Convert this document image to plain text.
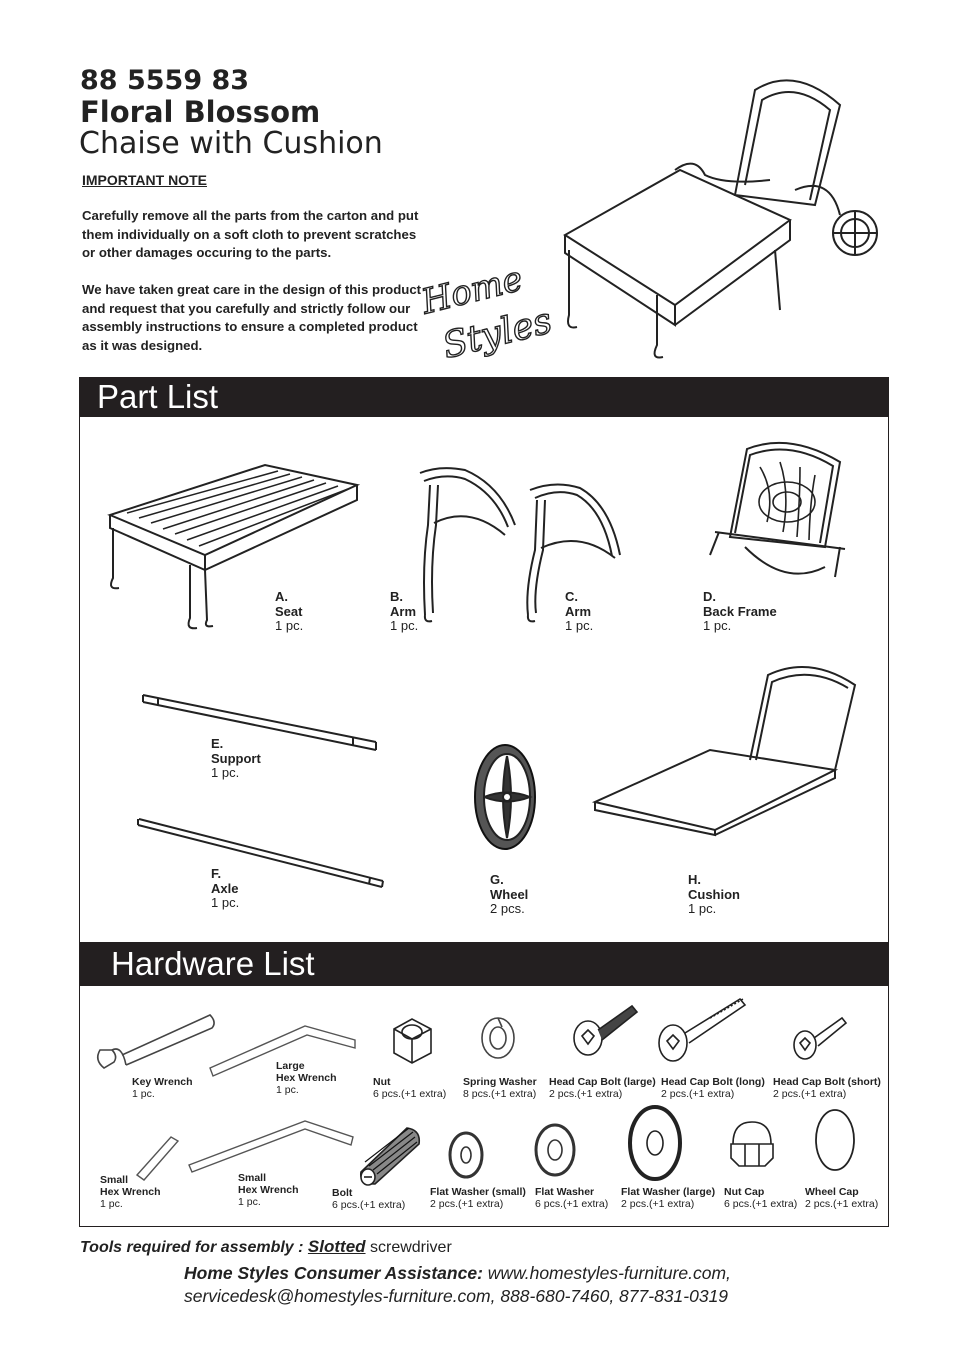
88 5559 83
Floral Blossom
Chaise with Cushion
IMPORTANT NOTE
Carefully remove all the parts from the carton and put them individually on a soft cloth to prevent scratches or other damages occuring to the parts.
We have taken great care in the design of this product and request that you carefully and strictly follow our assembly instructions to ensure a completed product as it was designed.
Home
Styles
Part List
A.
Seat
1 pc.
B.
Arm
1 pc.
C.
Arm
1 pc.
D.
Back Frame
1 pc.
E.
Support
1 pc.
F.
Axle
1 pc.
G.
Wheel
2 pcs.
H.
Cushion
1 pc.
Hardware List
Key Wrench
1 pc.
Large
Hex Wrench
1 pc.
Nut
6 pcs.(+1 extra)
Spring Washer
8 pcs.(+1 extra)
Head Cap Bolt (large)
2 pcs.(+1 extra)
Head Cap Bolt (long)
2 pcs.(+1 extra)
Head Cap Bolt (short)
2 pcs.(+1 extra)
Small
Hex Wrench
1 pc.
Small
Hex Wrench
1 pc.
Bolt
6 pcs.(+1 extra)
Flat Washer (small)
2 pcs.(+1 extra)
Flat Washer
6 pcs.(+1 extra)
Flat Washer (large)
2 pcs.(+1 extra)
Nut Cap
6 pcs.(+1 extra)
Wheel Cap
2 pcs.(+1 extra)
Tools required for assembly : Slotted screwdriver
Home Styles Consumer Assistance: www.homestyles-furniture.com,
servicedesk@homestyles-furniture.com, 888-680-7460, 877-831-0319
